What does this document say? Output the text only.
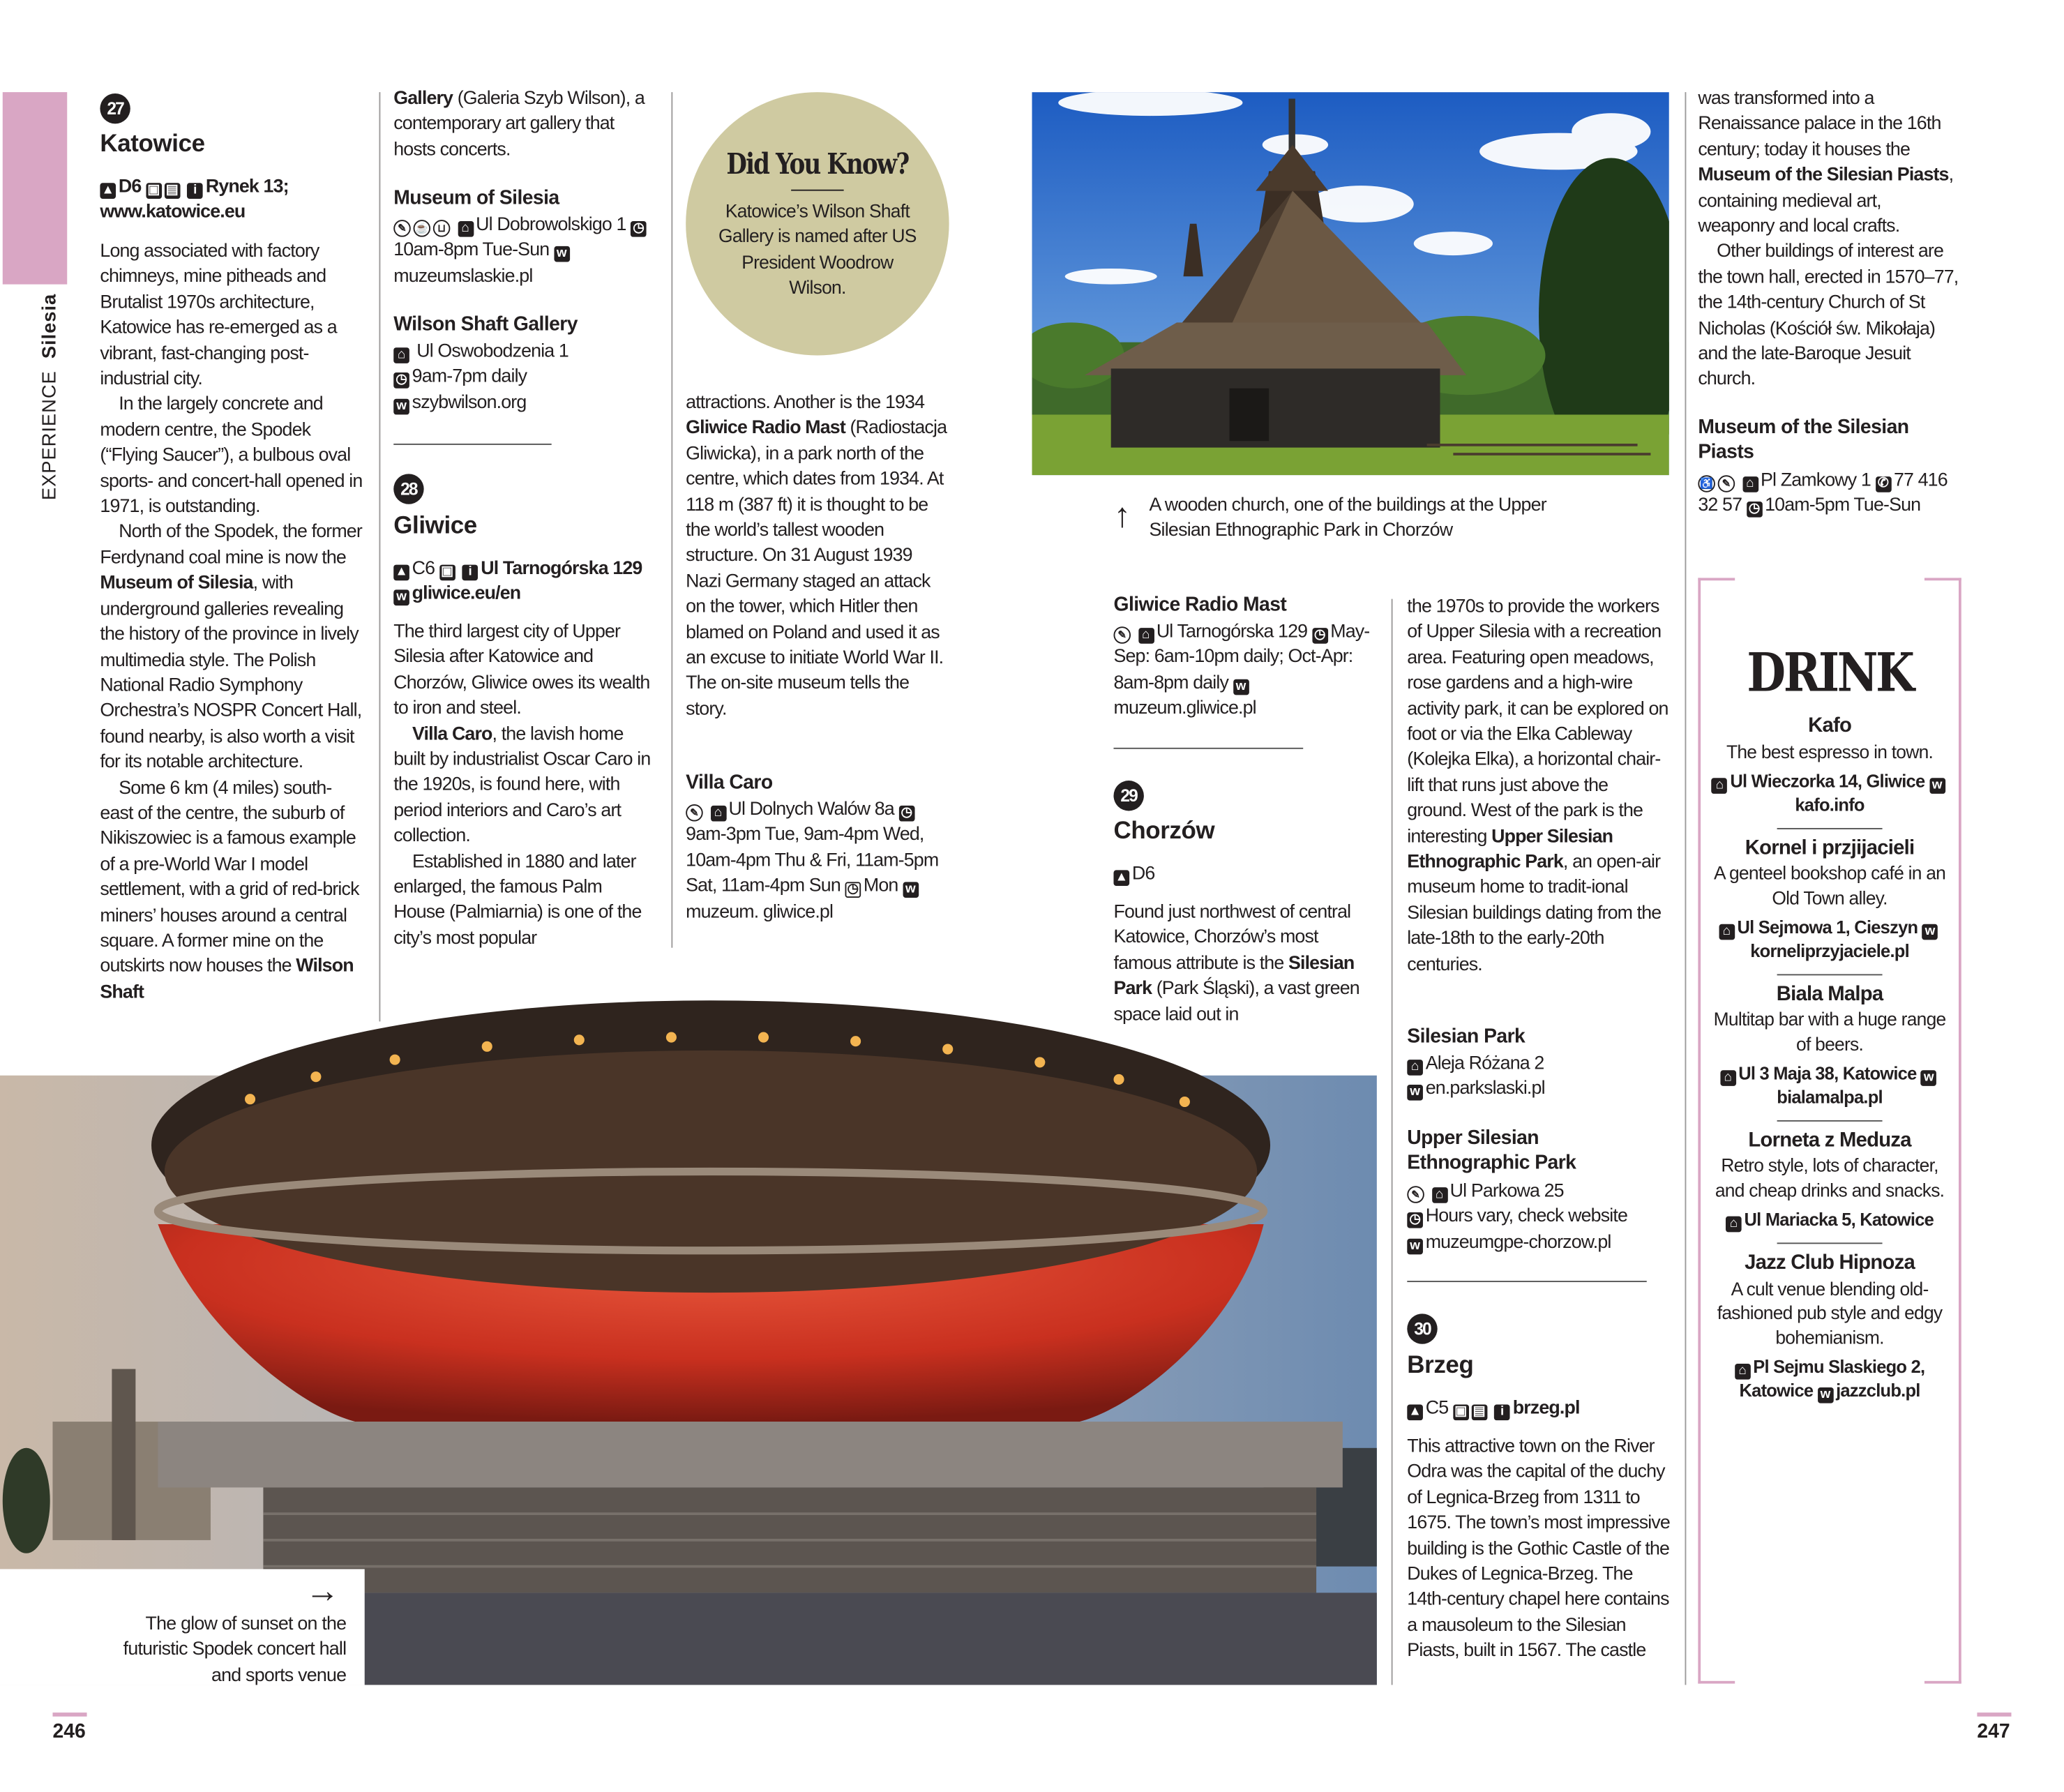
EXPERIENCE  Silesia
27
Katowice
▲ D6 ▣ ▤ i Rynek 13; www.katowice.eu

Long associated with factory chimneys, mine pitheads and Brutalist 1970s architecture, Katowice has re-emerged as a vibrant, fast-changing post-industrial city.

In the largely concrete and modern centre, the Spodek (“Flying Saucer”), a bulbous oval sports- and concert-hall opened in 1971, is outstanding.

North of the Spodek, the former Ferdynand coal mine is now the Museum of Silesia, with underground galleries revealing the history of the province in lively multimedia style. The Polish National Radio Symphony Orchestra’s NOSPR Concert Hall, found nearby, is also worth a visit for its notable architecture.

Some 6 km (4 miles) south-east of the centre, the suburb of Nikiszowiec is a famous example of a pre-World War I model settlement, with a grid of red-brick miners’ houses around a central square. A former mine on the outskirts now houses the Wilson Shaft

Gallery (Galeria Szyb Wilson), a contemporary art gallery that hosts concerts.
Museum of Silesia
✎ ☕ ⊔ ⌂ Ul Dobrowolskigo 1 ◷10am-8pm Tue-Sun wmuzeumslaskie.pl
Wilson Shaft Gallery
⌂ Ul Oswobodzenia 1
◷ 9am-7pm daily
w szybwilson.org
28
Gliwice
▲ C6 ▣ i Ul Tarnogórska 129 w gliwice.eu/en

The third largest city of Upper Silesia after Katowice and Chorzów, Gliwice owes its wealth to iron and steel.

Villa Caro, the lavish home built by industrialist Oscar Caro in the 1920s, is found here, with period interiors and Caro’s art collection.

Established in 1880 and later enlarged, the famous Palm House (Palmiarnia) is one of the city’s most popular

Did You Know?
Katowice’s Wilson Shaft Gallery is named after US President Woodrow Wilson.
attractions. Another is the 1934 Gliwice Radio Mast (Radiostacja Gliwicka), in a park north of the centre, which dates from 1934. At 118 m (387 ft) it is thought to be the world’s tallest wooden structure. On 31 August 1939 Nazi Germany staged an attack on the tower, which Hitler then blamed on Poland and used it as an excuse to initiate World War II. The on-site museum tells the story.
Villa Caro
✎ ⌂ Ul Dolnych Walów 8a ◷9am-3pm Tue, 9am-4pm Wed, 10am-4pm Thu & Fri, 11am-5pm Sat, 11am-4pm Sun ◷ Mon wmuzeum. gliwice.pl
↑ A wooden church, one of the buildings at the Upper Silesian Ethnographic Park in Chorzów
Gliwice Radio Mast
✎ ⌂ Ul Tarnogórska 129 ◷ May-Sep: 6am-10pm daily; Oct-Apr: 8am-8pm daily wmuzeum.gliwice.pl
29
Chorzów
▲ D6
Found just northwest of central Katowice, Chorzów’s most famous attribute is the Silesian Park (Park Śląski), a vast green space laid out in
the 1970s to provide the workers of Upper Silesia with a recreation area. Featuring open meadows, rose gardens and a high-wire activity park, it can be explored on foot or via the Elka Cableway (Kolejka Elka), a horizontal chair-lift that runs just above the ground. West of the park is the interesting Upper Silesian Ethnographic Park, an open-air museum home to tradit-ional Silesian buildings dating from the late-18th to the early-20th centuries.
Silesian Park
⌂ Aleja Różana 2
w en.parkslaski.pl
Upper Silesian Ethnographic Park
✎ ⌂ Ul Parkowa 25
◷ Hours vary, check website
w muzeumgpe-chorzow.pl
30
Brzeg
▲ C5 ▣ ▤ i brzeg.pl
This attractive town on the River Odra was the capital of the duchy of Legnica-Brzeg from 1311 to 1675. The town’s most impressive building is the Gothic Castle of the Dukes of Legnica-Brzeg. The 14th-century chapel here contains a mausoleum to the Silesian Piasts, built in 1567. The castle

was transformed into a Renaissance palace in the 16th century; today it houses the Museum of the Silesian Piasts, containing medieval art, weaponry and local crafts.

Other buildings of interest are the town hall, erected in 1570–77, the 14th-century Church of St Nicholas (Kościół św. Mikołaja) and the late-Baroque Jesuit church.

Museum of the Silesian Piasts
♿ ✎ ⌂ Pl Zamkowy 1 ✆ 77 416 32 57 ◷ 10am-5pm Tue-Sun
DRINK
Kafo
The best espresso in town.
⌂ Ul Wieczorka 14, Gliwice wkafo.info
Kornel i przjijacieli
A genteel bookshop café in an Old Town alley.
⌂ Ul Sejmowa 1, Cieszyn wkorneliprzyjaciele.pl
Biala Malpa
Multitap bar with a huge range of beers.
⌂ Ul 3 Maja 38, Katowice wbialamalpa.pl
Lorneta z Meduza
Retro style, lots of character, and cheap drinks and snacks.
⌂ Ul Mariacka 5, Katowice
Jazz Club Hipnoza
A cult venue blending old-fashioned pub style and edgy bohemianism.
⌂ Pl Sejmu Slaskiego 2, Katowice w jazzclub.pl
→
The glow of sunset on the futuristic Spodek concert hall and sports venue
246	247
